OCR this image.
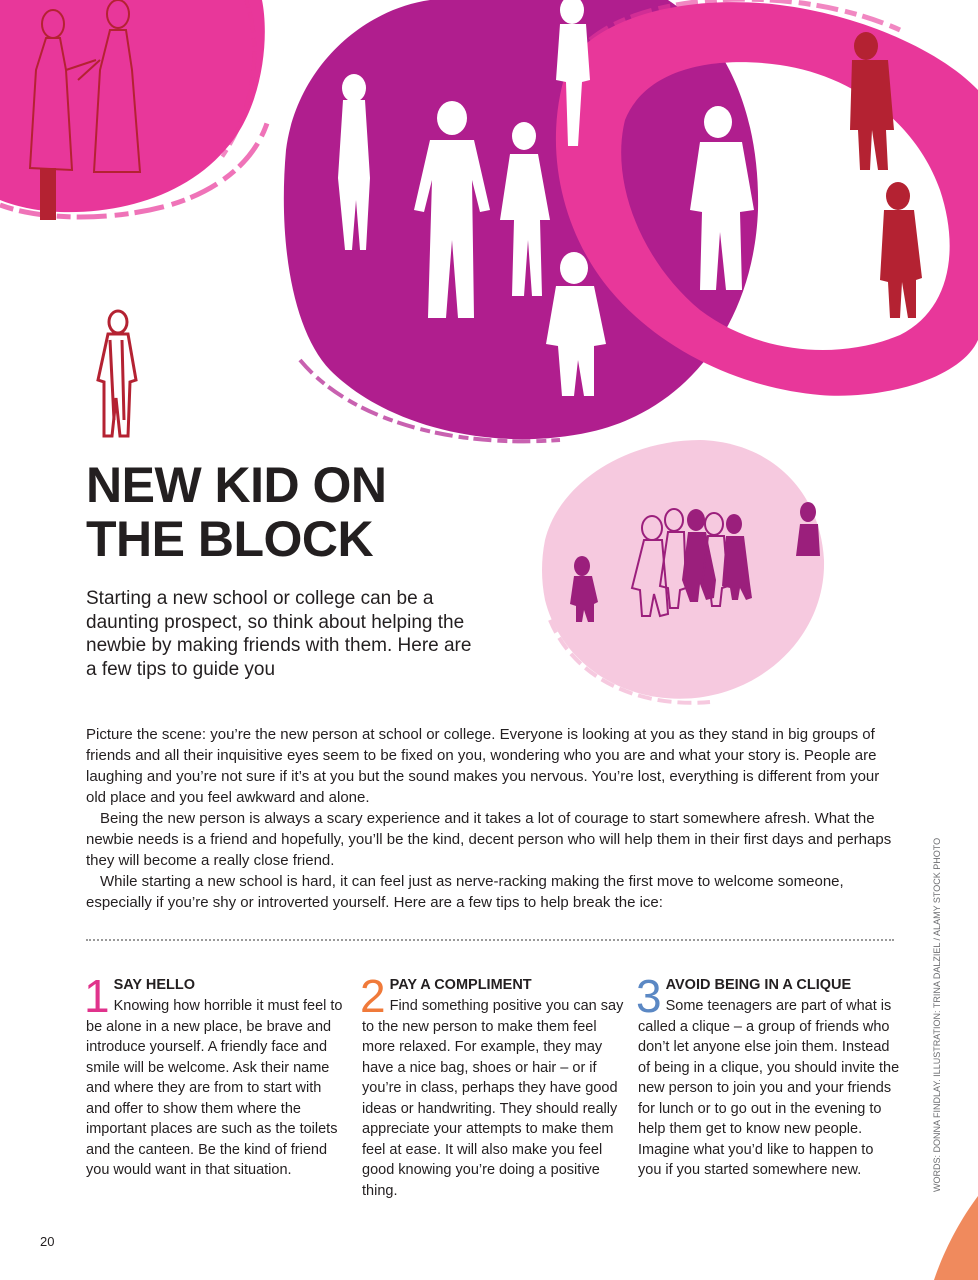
NEW KID ON
THE BLOCK

Starting a new school or college can be a daunting prospect, so think about helping the newbie by making friends with them. Here are a few tips to guide you

Picture the scene: you’re the new person at school or college. Everyone is looking at you as they stand in big groups of friends and all their inquisitive eyes seem to be fixed on you, wondering who you are and what your story is. People are laughing and you’re not sure if it’s at you but the sound makes you nervous. You’re lost, everything is different from your old place and you feel awkward and alone.

Being the new person is always a scary experience and it takes a lot of courage to start somewhere afresh. What the newbie needs is a friend and hopefully, you’ll be the kind, decent person who will help them in their first days and perhaps they will become a really close friend.

While starting a new school is hard, it can feel just as nerve-racking making the first move to welcome someone, especially if you’re shy or introverted yourself. Here are a few tips to help break the ice:

1 SAY HELLO
Knowing how horrible it must feel to be alone in a new place, be brave and introduce yourself. A friendly face and smile will be welcome. Ask their name and where they are from to start with and offer to show them where the important places are such as the toilets and the canteen. Be the kind of friend you would want in that situation.
2 PAY A COMPLIMENT
Find something positive you can say to the new person to make them feel more relaxed. For example, they may have a nice bag, shoes or hair – or if you’re in class, perhaps they have good ideas or handwriting. They should really appreciate your attempts to make them feel at ease. It will also make you feel good knowing you’re doing a positive thing.
3 AVOID BEING IN A CLIQUE
Some teenagers are part of what is called a clique – a group of friends who don’t let anyone else join them. Instead of being in a clique, you should invite the new person to join you and your friends for lunch or to go out in the evening to help them get to know new people. Imagine what you’d like to happen to you if you started somewhere new.	WORDS: DONNA FINDLAY. ILLUSTRATION: TRINA DALZIEL / ALAMY STOCK PHOTO
20
